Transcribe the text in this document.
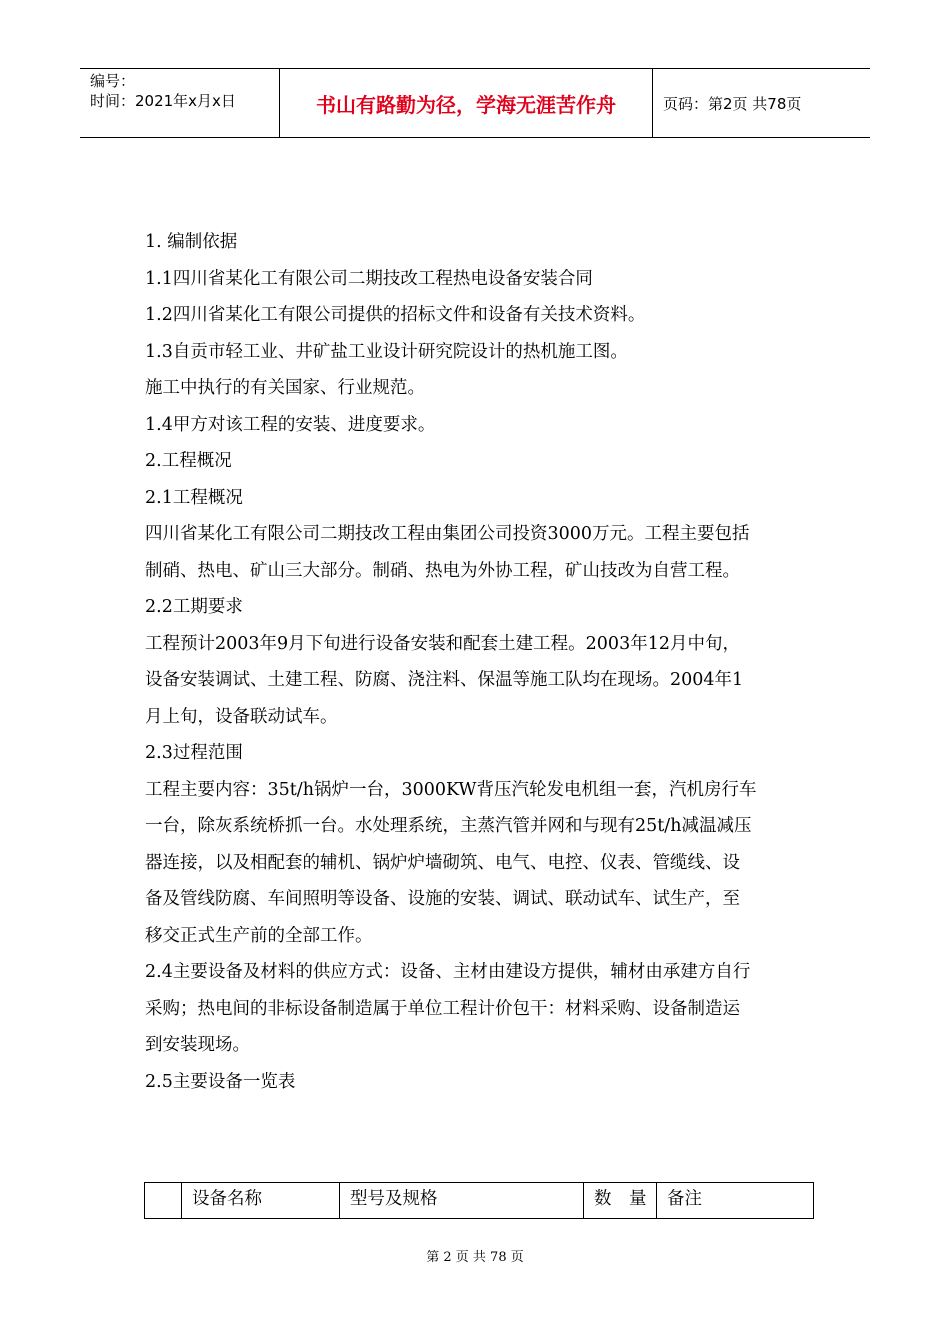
编号：
时间：2021年x月x日	书山有路勤为径，学海无涯苦作舟	页码：第2页 共78页
1. 编制依据
1.1四川省某化工有限公司二期技改工程热电设备安装合同
1.2四川省某化工有限公司提供的招标文件和设备有关技术资料。
1.3自贡市轻工业、井矿盐工业设计研究院设计的热机施工图。
施工中执行的有关国家、行业规范。
1.4甲方对该工程的安装、进度要求。
2.工程概况
2.1工程概况
四川省某化工有限公司二期技改工程由集团公司投资3000万元。工程主要包括
制硝、热电、矿山三大部分。制硝、热电为外协工程，矿山技改为自营工程。
2.2工期要求
工程预计2003年9月下旬进行设备安装和配套土建工程。2003年12月中旬，
设备安装调试、土建工程、防腐、浇注料、保温等施工队均在现场。2004年1
月上旬，设备联动试车。
2.3过程范围
工程主要内容：35t/h锅炉一台，3000KW背压汽轮发电机组一套，汽机房行车
一台，除灰系统桥抓一台。水处理系统，主蒸汽管并网和与现有25t/h减温减压
器连接，以及相配套的辅机、锅炉炉墙砌筑、电气、电控、仪表、管缆线、设
备及管线防腐、车间照明等设备、设施的安装、调试、联动试车、试生产，至
移交正式生产前的全部工作。
2.4主要设备及材料的供应方式：设备、主材由建设方提供，辅材由承建方自行
采购；热电间的非标设备制造属于单位工程计价包干：材料采购、设备制造运
到安装现场。
2.5主要设备一览表
设备名称	型号及规格	数　量	备注
第 2 页 共 78 页
